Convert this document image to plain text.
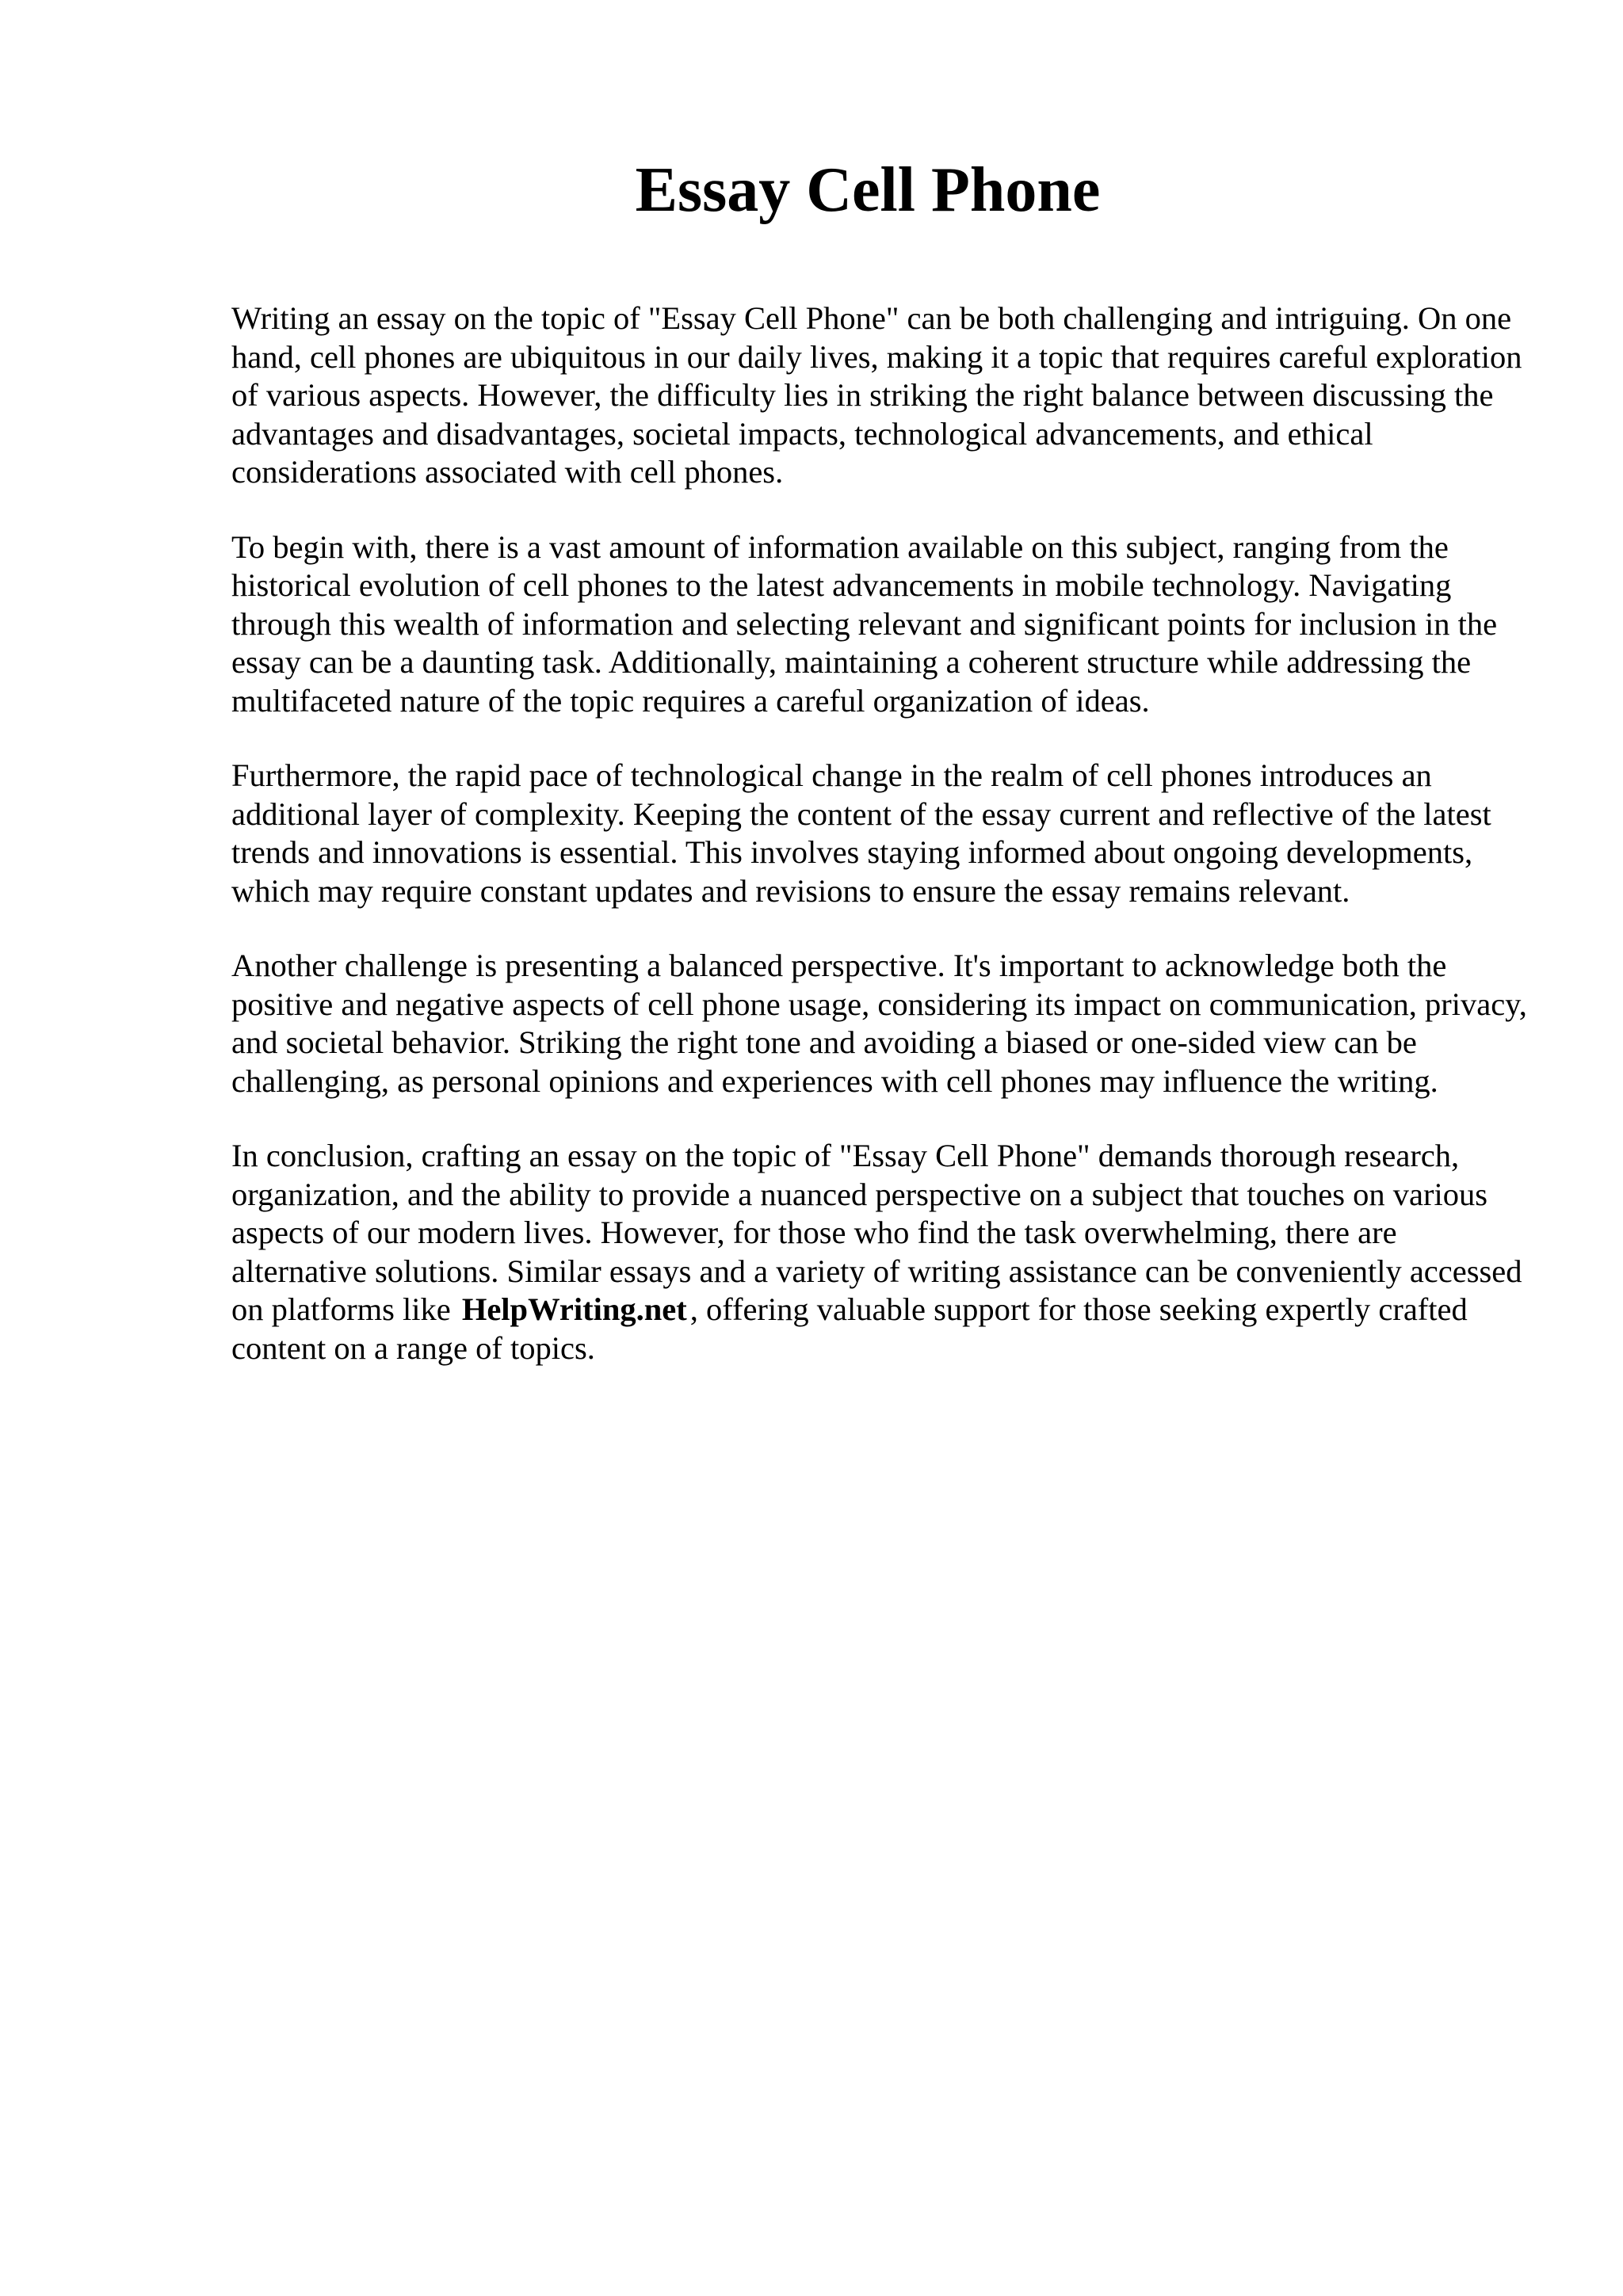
Essay Cell Phone

Writing an essay on the topic of "Essay Cell Phone" can be both challenging and intriguing. On one hand, cell phones are ubiquitous in our daily lives, making it a topic that requires careful exploration of various aspects. However, the difficulty lies in striking the right balance between discussing the advantages and disadvantages, societal impacts, technological advancements, and ethical considerations associated with cell phones.

To begin with, there is a vast amount of information available on this subject, ranging from the historical evolution of cell phones to the latest advancements in mobile technology. Navigating through this wealth of information and selecting relevant and significant points for inclusion in the essay can be a daunting task. Additionally, maintaining a coherent structure while addressing the multifaceted nature of the topic requires a careful organization of ideas.

Furthermore, the rapid pace of technological change in the realm of cell phones introduces an additional layer of complexity. Keeping the content of the essay current and reflective of the latest trends and innovations is essential. This involves staying informed about ongoing developments, which may require constant updates and revisions to ensure the essay remains relevant.

Another challenge is presenting a balanced perspective. It's important to acknowledge both the positive and negative aspects of cell phone usage, considering its impact on communication, privacy, and societal behavior. Striking the right tone and avoiding a biased or one-sided view can be challenging, as personal opinions and experiences with cell phones may influence the writing.

In conclusion, crafting an essay on the topic of "Essay Cell Phone" demands thorough research, organization, and the ability to provide a nuanced perspective on a subject that touches on various aspects of our modern lives. However, for those who find the task overwhelming, there are alternative solutions. Similar essays and a variety of writing assistance can be conveniently accessed on platforms like HelpWriting.net, offering valuable support for those seeking expertly crafted content on a range of topics.
